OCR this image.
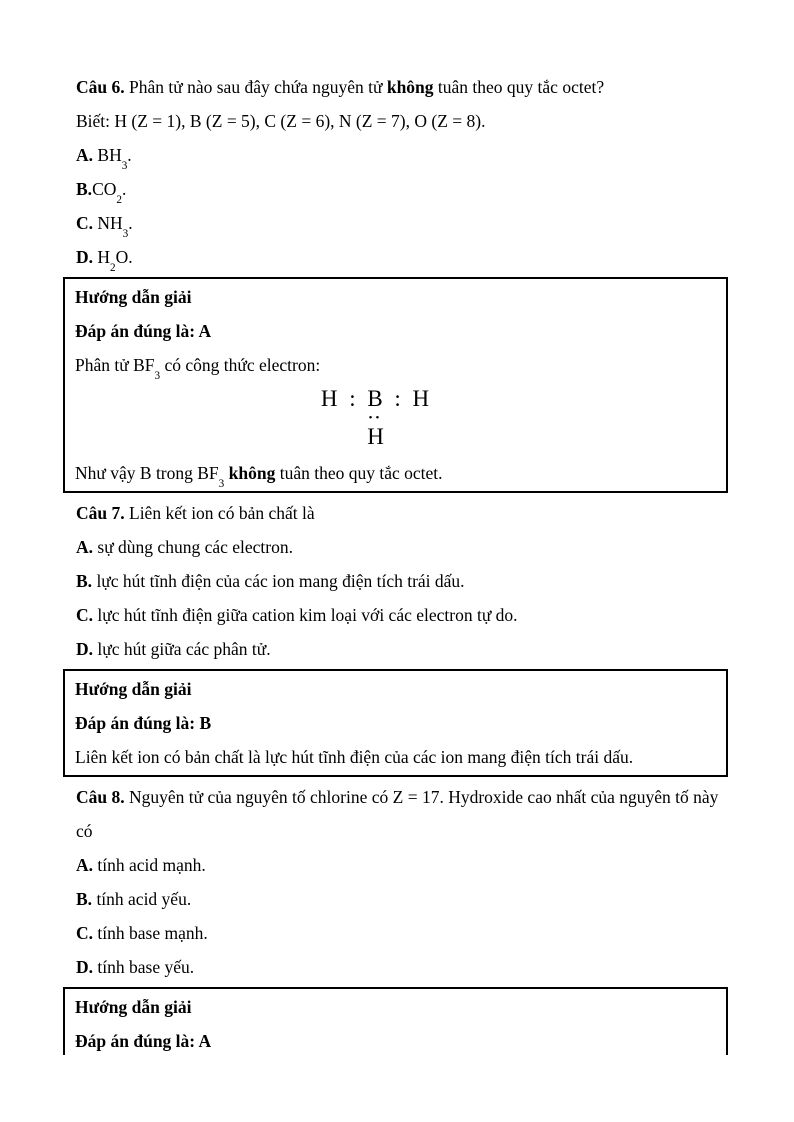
Câu 6. Phân tử nào sau đây chứa nguyên tử không tuân theo quy tắc octet?

Biết: H (Z = 1), B (Z = 5), C (Z = 6), N (Z = 7), O (Z = 8).

A. $BH_3$.

$B.CO_2$.

C. $NH_3$.

D. $H_2O$.

Hướng dẫn giải

Đáp án đúng là: A

Phân tử $BF_3$ có công thức electron:

H : B : H
••
H

Như vậy B trong $BF_3$ không tuân theo quy tắc octet.

Câu 7. Liên kết ion có bản chất là

A. sự dùng chung các electron.

B. lực hút tĩnh điện của các ion mang điện tích trái dấu.

C. lực hút tĩnh điện giữa cation kim loại với các electron tự do.

D. lực hút giữa các phân tử.

Hướng dẫn giải

Đáp án đúng là: B

Liên kết ion có bản chất là lực hút tĩnh điện của các ion mang điện tích trái dấu.

Câu 8. Nguyên tử của nguyên tố chlorine có Z = 17. Hydroxide cao nhất của nguyên tố này có

A. tính acid mạnh.

B. tính acid yếu.

C. tính base mạnh.

D. tính base yếu.

Hướng dẫn giải

Đáp án đúng là: A
